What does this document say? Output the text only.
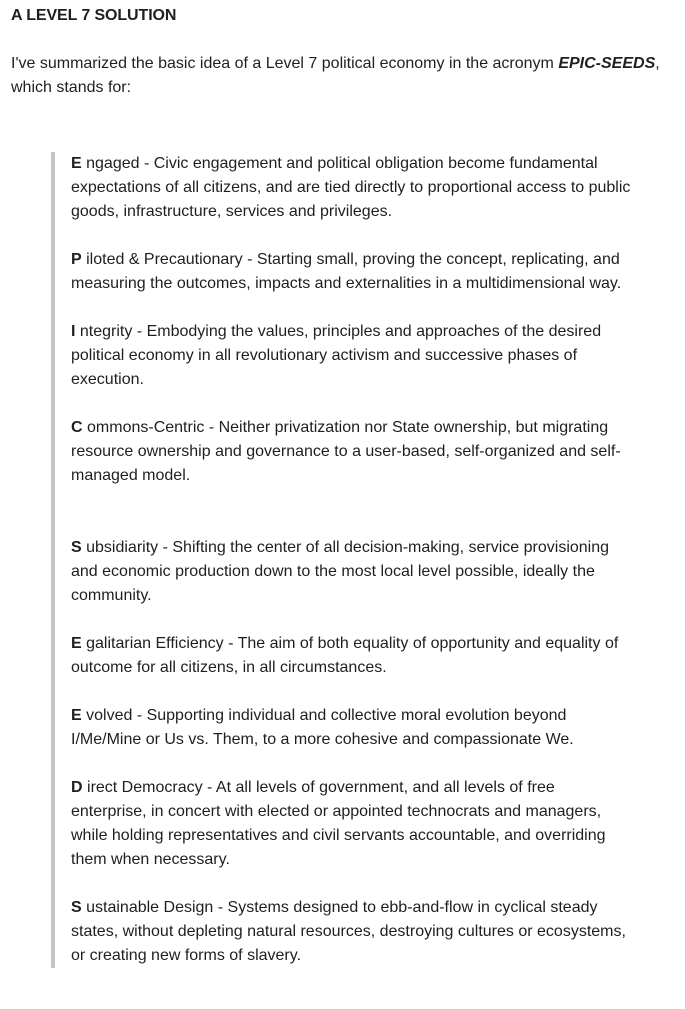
A LEVEL 7 SOLUTION

I've summarized the basic idea of a Level 7 political economy in the acronym EPIC-SEEDS, which stands for:

E ngaged - Civic engagement and political obligation become fundamental expectations of all citizens, and are tied directly to proportional access to public goods, infrastructure, services and privileges.

P iloted & Precautionary - Starting small, proving the concept, replicating, and measuring the outcomes, impacts and externalities in a multidimensional way.

I ntegrity - Embodying the values, principles and approaches of the desired political economy in all revolutionary activism and successive phases of execution.

C ommons-Centric - Neither privatization nor State ownership, but migrating resource ownership and governance to a user-based, self-organized and self-managed model.

S ubsidiarity - Shifting the center of all decision-making, service provisioning and economic production down to the most local level possible, ideally the community.

E galitarian Efficiency - The aim of both equality of opportunity and equality of outcome for all citizens, in all circumstances.

E volved - Supporting individual and collective moral evolution beyond I/Me/Mine or Us vs. Them, to a more cohesive and compassionate We.

D irect Democracy - At all levels of government, and all levels of free enterprise, in concert with elected or appointed technocrats and managers, while holding representatives and civil servants accountable, and overriding them when necessary.

S ustainable Design - Systems designed to ebb-and-flow in cyclical steady states, without depleting natural resources, destroying cultures or ecosystems, or creating new forms of slavery.
